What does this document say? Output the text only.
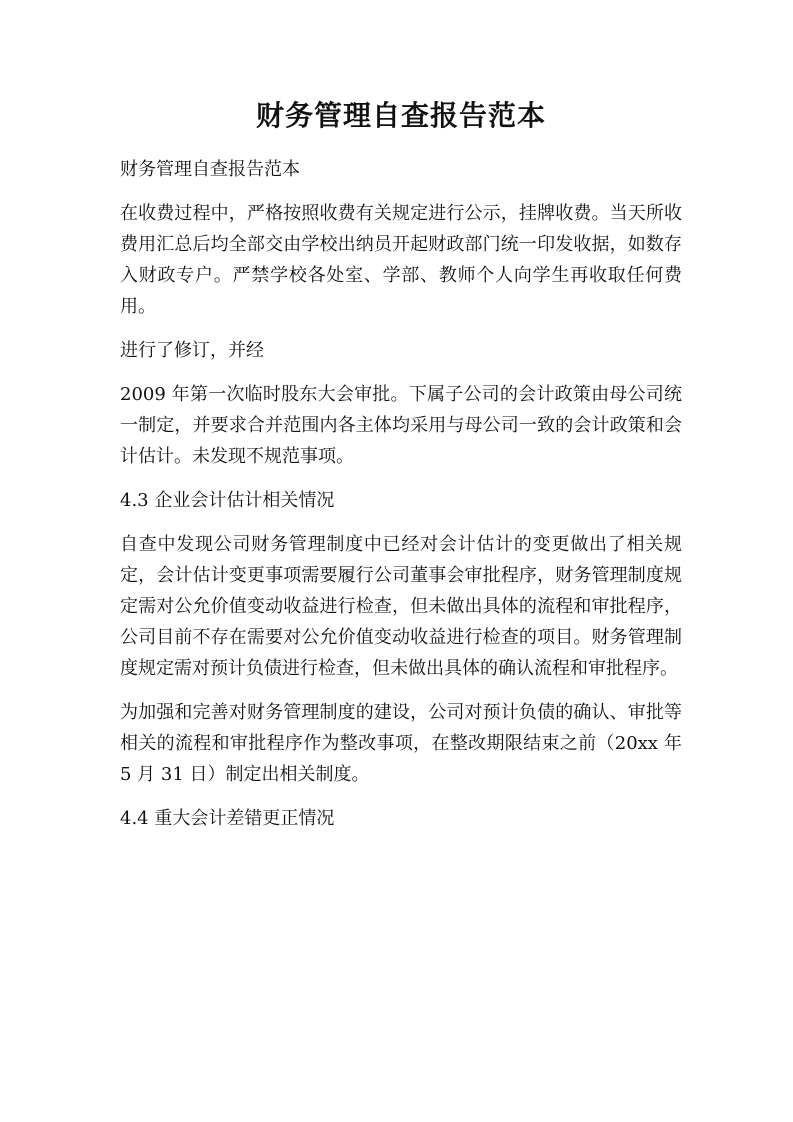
财务管理自查报告范本

财务管理自查报告范本

在收费过程中，严格按照收费有关规定进行公示，挂牌收费。当天所收费用汇总后均全部交由学校出纳员开起财政部门统一印发收据，如数存入财政专户。严禁学校各处室、学部、教师个人向学生再收取任何费用。

进行了修订，并经

2009 年第一次临时股东大会审批。下属子公司的会计政策由母公司统一制定，并要求合并范围内各主体均采用与母公司一致的会计政策和会计估计。未发现不规范事项。

4.3 企业会计估计相关情况

自查中发现公司财务管理制度中已经对会计估计的变更做出了相关规定，会计估计变更事项需要履行公司董事会审批程序，财务管理制度规定需对公允价值变动收益进行检查，但未做出具体的流程和审批程序，公司目前不存在需要对公允价值变动收益进行检查的项目。财务管理制度规定需对预计负债进行检查，但未做出具体的确认流程和审批程序。

为加强和完善对财务管理制度的建设，公司对预计负债的确认、审批等相关的流程和审批程序作为整改事项，在整改期限结束之前（20xx 年 5 月 31 日）制定出相关制度。

4.4 重大会计差错更正情况
